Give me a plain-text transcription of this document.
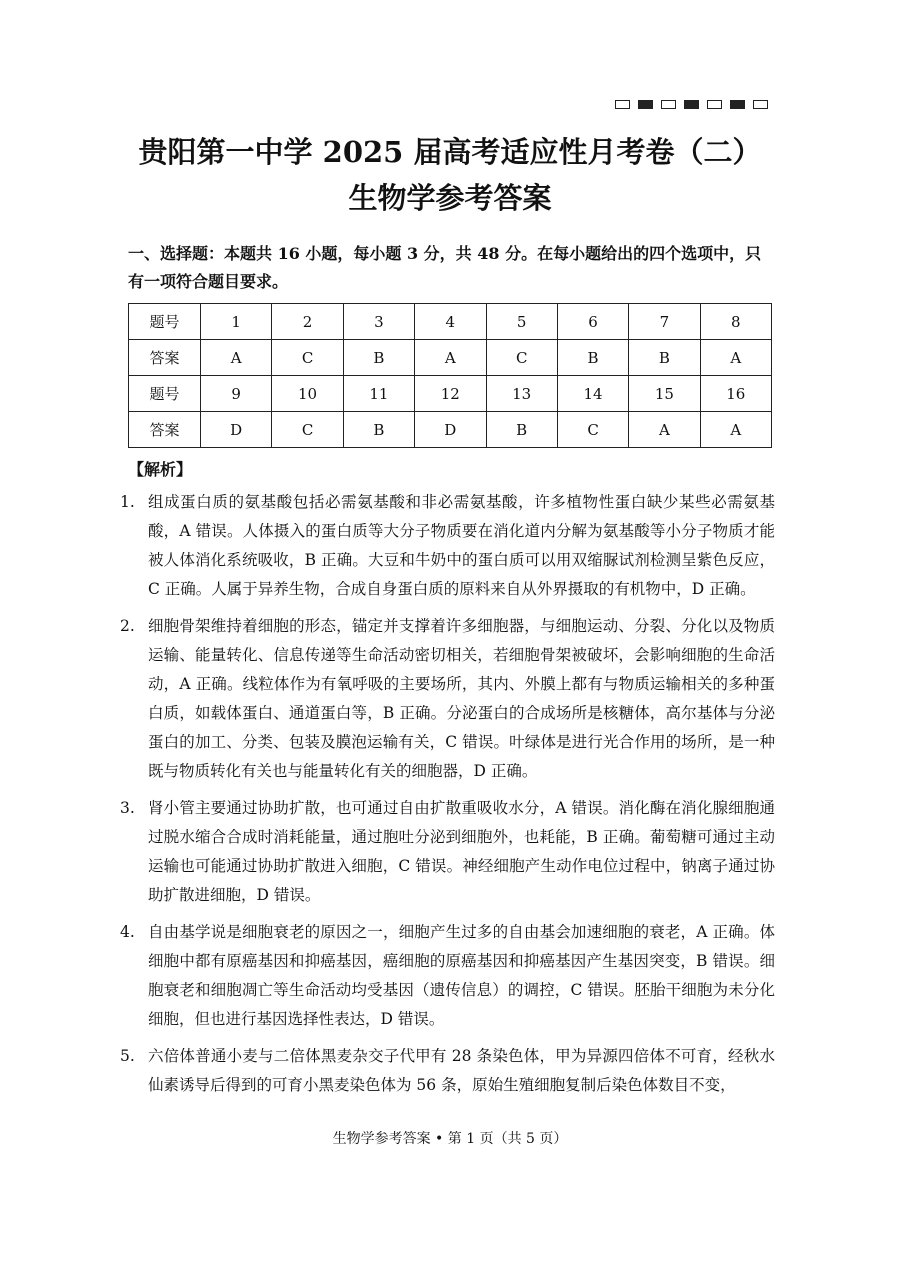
贵阳第一中学 2025 届高考适应性月考卷（二）
生物学参考答案
一、选择题：本题共 16 小题，每小题 3 分，共 48 分。在每小题给出的四个选项中，只有一项符合题目要求。
题号	1	2	3	4	5	6	7	8
答案	A	C	B	A	C	B	B	A
题号	9	10	11	12	13	14	15	16
答案	D	C	B	D	B	C	A	A
【解析】
1. 组成蛋白质的氨基酸包括必需氨基酸和非必需氨基酸，许多植物性蛋白缺少某些必需氨基酸，A 错误。人体摄入的蛋白质等大分子物质要在消化道内分解为氨基酸等小分子物质才能被人体消化系统吸收，B 正确。大豆和牛奶中的蛋白质可以用双缩脲试剂检测呈紫色反应，C 正确。人属于异养生物，合成自身蛋白质的原料来自从外界摄取的有机物中，D 正确。
2. 细胞骨架维持着细胞的形态，锚定并支撑着许多细胞器，与细胞运动、分裂、分化以及物质运输、能量转化、信息传递等生命活动密切相关，若细胞骨架被破坏，会影响细胞的生命活动，A 正确。线粒体作为有氧呼吸的主要场所，其内、外膜上都有与物质运输相关的多种蛋白质，如载体蛋白、通道蛋白等，B 正确。分泌蛋白的合成场所是核糖体，高尔基体与分泌蛋白的加工、分类、包装及膜泡运输有关，C 错误。叶绿体是进行光合作用的场所，是一种既与物质转化有关也与能量转化有关的细胞器，D 正确。
3. 肾小管主要通过协助扩散，也可通过自由扩散重吸收水分，A 错误。消化酶在消化腺细胞通过脱水缩合合成时消耗能量，通过胞吐分泌到细胞外，也耗能，B 正确。葡萄糖可通过主动运输也可能通过协助扩散进入细胞，C 错误。神经细胞产生动作电位过程中，钠离子通过协助扩散进细胞，D 错误。
4. 自由基学说是细胞衰老的原因之一，细胞产生过多的自由基会加速细胞的衰老，A 正确。体细胞中都有原癌基因和抑癌基因，癌细胞的原癌基因和抑癌基因产生基因突变，B 错误。细胞衰老和细胞凋亡等生命活动均受基因（遗传信息）的调控，C 错误。胚胎干细胞为未分化细胞，但也进行基因选择性表达，D 错误。
5. 六倍体普通小麦与二倍体黑麦杂交子代甲有 28 条染色体，甲为异源四倍体不可育，经秋水仙素诱导后得到的可育小黑麦染色体为 56 条，原始生殖细胞复制后染色体数目不变，
生物学参考答案 • 第 1 页（共 5 页）
